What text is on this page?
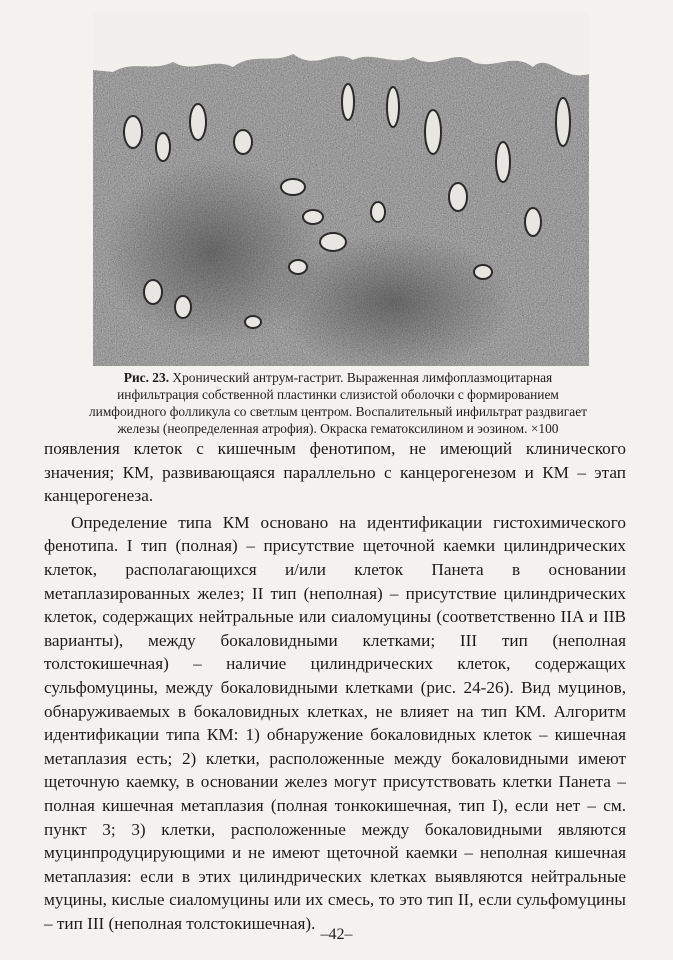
Рис. 23. Хронический антрум-гастрит. Выраженная лимфоплазмоцитарная инфильтрация собственной пластинки слизистой оболочки с формированием лимфоидного фолликула со светлым центром. Воспалительный инфильтрат раздвигает железы (неопределенная атрофия). Окраска гематоксилином и эозином. ×100

появления клеток с кишечным фенотипом, не имеющий клинического значения; КМ, развивающаяся параллельно с канцерогенезом и КМ – этап канцерогенеза.

Определение типа КМ основано на идентификации гистохимического фенотипа. I тип (полная) – присутствие щеточной каемки цилиндрических клеток, располагающихся и/или клеток Панета в основании метаплазированных желез; II тип (неполная) – присутствие цилиндрических клеток, содержащих нейтральные или сиаломуцины (соответственно IIA и IIB варианты), между бокаловидными клетками; III тип (неполная толстокишечная) – наличие цилиндрических клеток, содержащих сульфомуцины, между бокаловидными клетками (рис. 24-26). Вид муцинов, обнаруживаемых в бокаловидных клетках, не влияет на тип КМ. Алгоритм идентификации типа КМ: 1) обнаружение бокаловидных клеток – кишечная метаплазия есть; 2) клетки, расположенные между бокаловидными имеют щеточную каемку, в основании желез могут присутствовать клетки Панета – полная кишечная метаплазия (полная тонкокишечная, тип I), если нет – см. пункт 3; 3) клетки, расположенные между бокаловидными являются муцинпродуцирующими и не имеют щеточной каемки – неполная кишечная метаплазия: если в этих цилиндрических клетках выявляются нейтральные муцины, кислые сиаломуцины или их смесь, то это тип II, если сульфомуцины – тип III (неполная толстокишечная).

–42–
